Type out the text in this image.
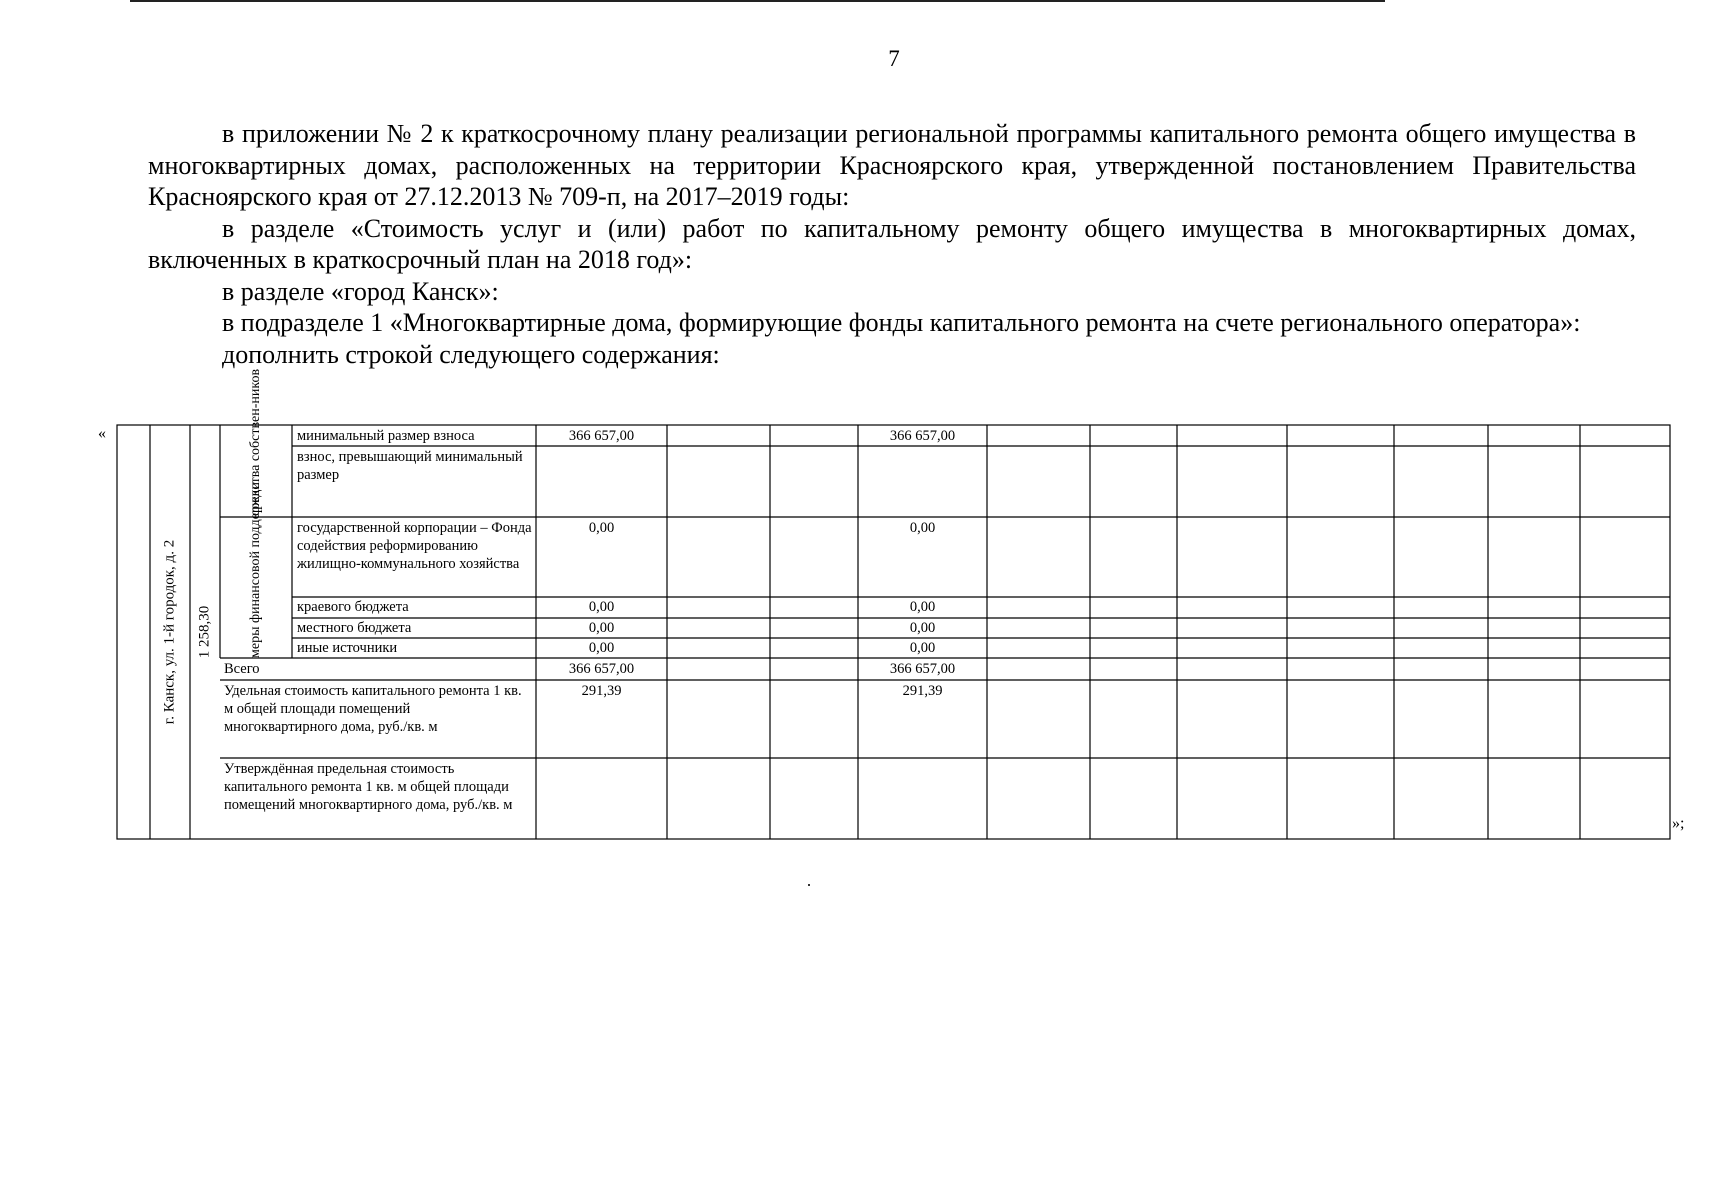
7

в приложении № 2 к краткосрочному плану реализации региональной программы капитального ремонта общего имущества в многоквартирных домах, расположенных на территории Красноярского края, утвержденной постановлением Правительства Красноярского края от 27.12.2013 № 709-п, на 2017–2019 годы:

в разделе «Стоимость услуг и (или) работ по капитальному ремонту общего имущества в многоквартирных домах, включенных в краткосрочный план на 2018 год»:

в разделе «город Канск»:

в подразделе 1 «Многоквартирные дома, формирующие фонды капитального ремонта на счете регионального оператора»:

дополнить строкой следующего содержания:

«
»;
г. Канск, ул. 1-й городок, д. 2 1 258,30
средства собствен-ников
меры финансовой поддержки
минимальный размер взноса
взнос, превышающий минимальный размер
государственной корпорации – Фонда содействия реформированию жилищно-коммунального хозяйства
краевого бюджета
местного бюджета
иные источники
Всего
Удельная стоимость капитального ремонта 1 кв. м общей площади помещений многоквартирного дома, руб./кв. м
Утверждённая предельная стоимость капитального ремонта 1 кв. м общей площади помещений многоквартирного дома, руб./кв. м
366 657,00
0,00
0,00
0,00
0,00
366 657,00
291,39
366 657,00
0,00
0,00
0,00
0,00
366 657,00
291,39
